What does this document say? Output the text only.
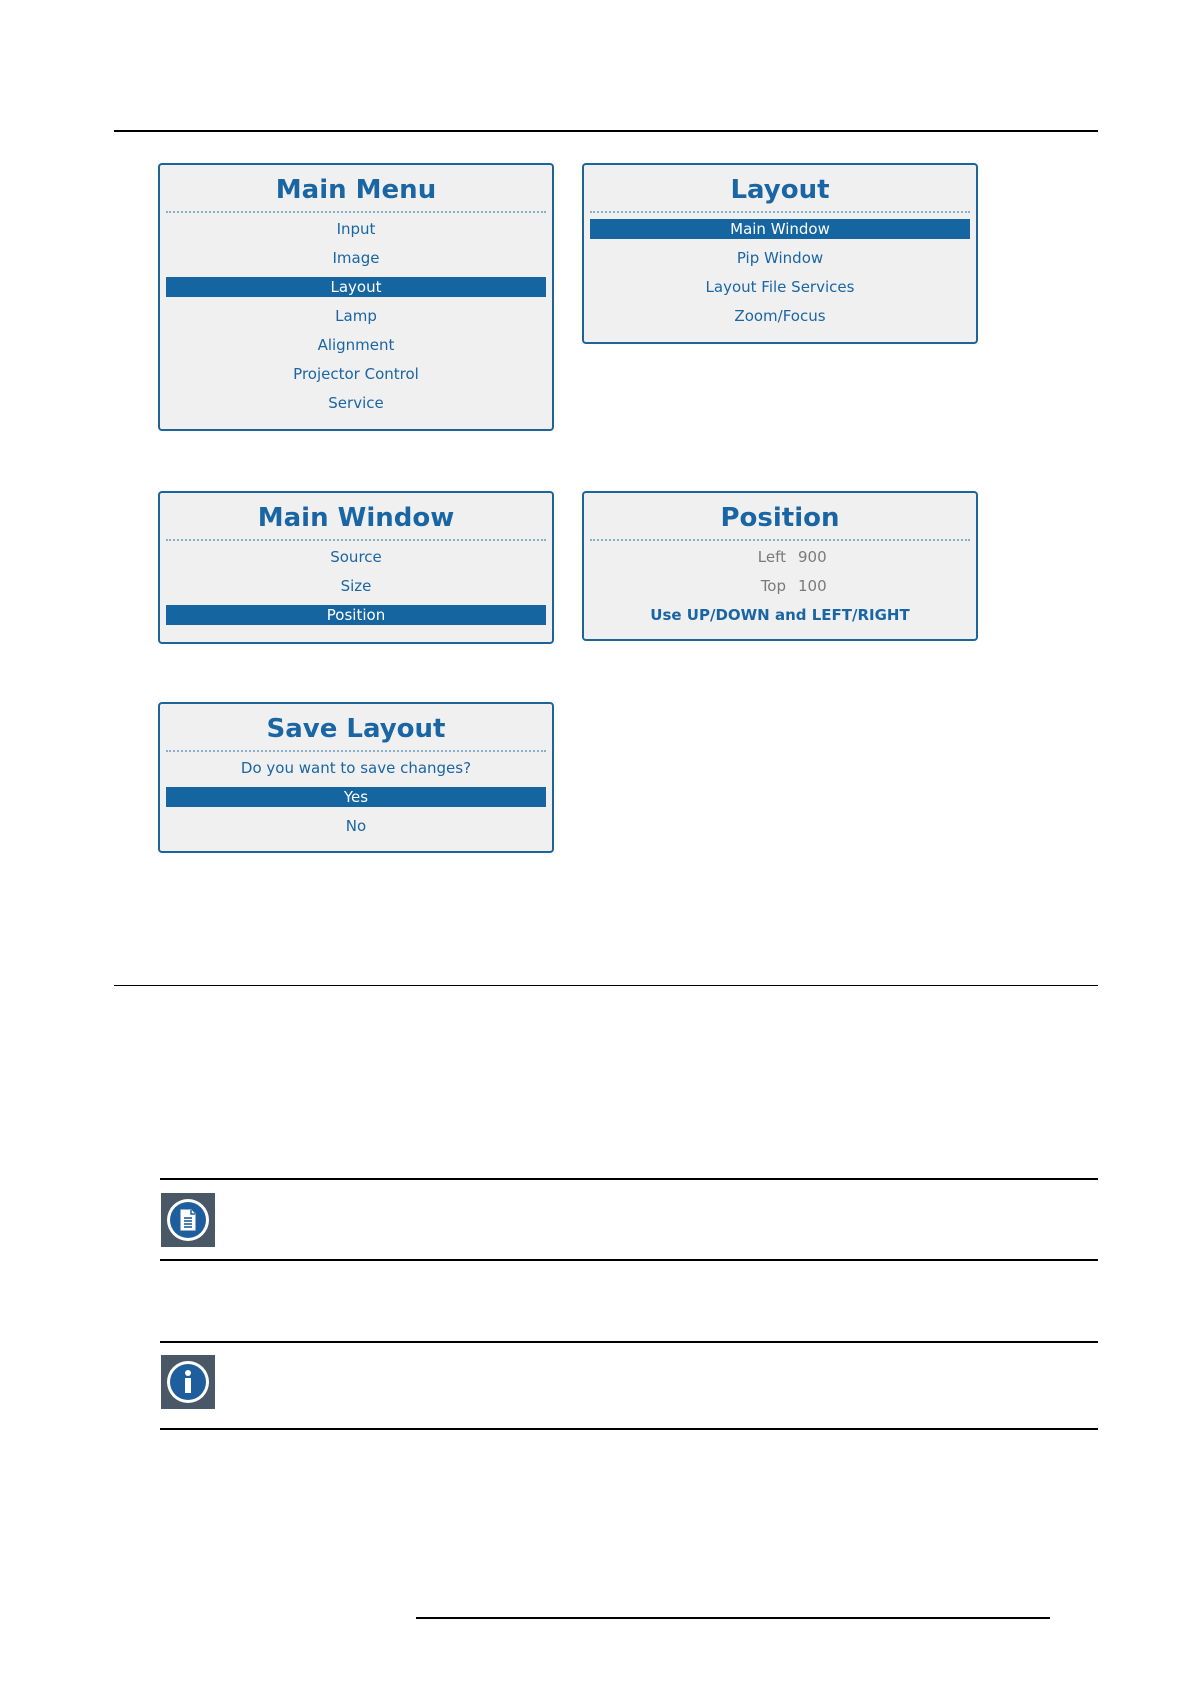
Main Menu
Input
Image
Layout
Lamp
Alignment
Projector Control
Service
Layout
Main Window
Pip Window
Layout File Services
Zoom/Focus
Main Window
Source
Size
Position
Position
Left 900
Top 100
Use UP/DOWN and LEFT/RIGHT
Save Layout
Do you want to save changes?
Yes
No
